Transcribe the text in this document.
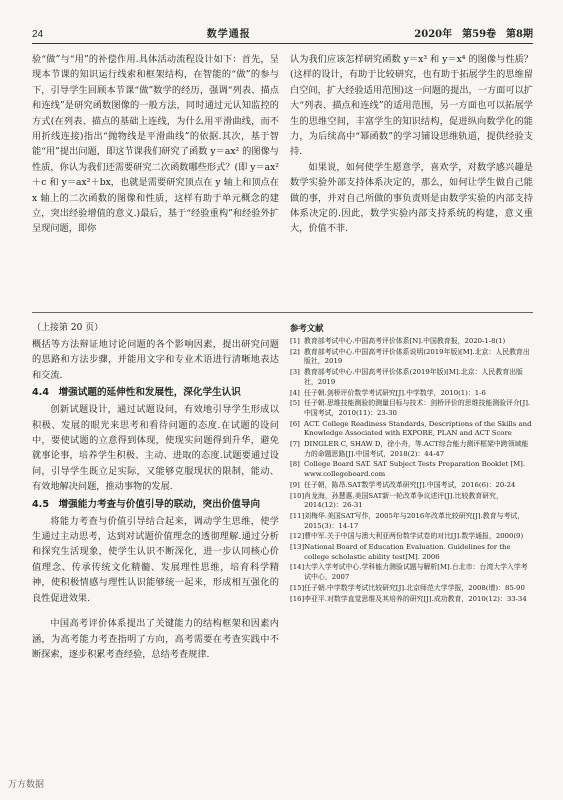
24	数学通报	2020年　第59卷　第8期

验“做”与“用”的补偿作用.具体活动流程设计如下：首先，呈现本节课的知识运行线索和框架结构，在智能的“做”的参与下，引导学生回顾本节课“做”数学的经历，强调“列表、描点和连线”是研究函数图像的一般方法，同时通过元认知监控的方式(在列表、描点的基础上连线，为什么用平滑曲线，而不用折线连接)指出“抛物线是平滑曲线”的依据.其次，基于智能“用”提出问题，即这节课我们研究了函数 y＝ax² 的图像与性质，你认为我们还需要研究二次函数哪些形式？(即 y＝ax²＋c 和 y＝ax²＋bx，也就是需要研究顶点在 y 轴上和顶点在 x 轴上的二次函数的图像和性质，这样有助于单元概念的建立，突出经验增值的意义.)最后，基于“经验重构”和经验外扩呈现问题，即你

认为我们应该怎样研究函数 y＝x³ 和 y＝x⁴ 的图像与性质？(这样的设计，有助于比较研究，也有助于拓展学生的思维留白空间，扩大经验适用范围)这一问题的提出，一方面可以扩大“列表、描点和连线”的适用范围，另一方面也可以拓展学生的思维空间，丰富学生的知识结构，促进纵向数学化的能力，为后续高中“幂函数”的学习铺设思维轨道，提供经验支持.

如果说，如何使学生愿意学，喜欢学，对数学感兴趣是数学实验外部支持体系决定的，那么，如何让学生做自己能做的事，并对自己所做的事负责则是由数学实验的内部支持体系决定的.因此，数学实验内部支持系统的构建，意义重大，价值不菲.

（上接第 20 页）

概括等方法辩证地讨论问题的各个影响因素，提出研究问题的思路和方法步骤，并能用文字和专业术语进行清晰地表达和交流.

4.4　增强试题的延伸性和发展性，深化学生认识

创新试题设计，通过试题设问，有效地引导学生形成以积极、发展的眼光来思考和看待问题的态度.在试题的设问中，要使试题的立意得到体现，使现实问题得到升华，避免就事论事，培养学生积极、主动、进取的态度.试题要通过设问，引导学生既立足实际，又能够克服现状的限制，能动、有效地解决问题，推动事物的发展.

4.5　增强能力考查与价值引导的联动，突出价值导向

将能力考查与价值引导结合起来，调动学生思维，使学生通过主动思考，达到对试题价值理念的透彻理解.通过分析和探究生活现象，使学生认识不断深化，进一步认同核心价值理念、传承传统文化精髓、发展理性思维，培育科学精神，使积极情感与理性认识能够统一起来，形成相互强化的良性促进效果.

中国高考评价体系提出了关键能力的结构框架和因素内涵，为高考能力考查指明了方向，高考需要在考查实践中不断探索，逐步积累考查经验，总结考查规律.

参考文献

[1] 教育部考试中心.中国高考评价体系[N].中国教育报，2020-1-8(1)
[2] 教育部考试中心.中国高考评价体系说明(2019年版)[M].北京：人民教育出版社，2019
[3] 教育部考试中心.中国高考评价体系(2019年版)[M].北京：人民教育出版社，2019
[4] 任子朝.剑桥评价数学考试研究[J].中学数学，2010(1)：1-6
[5] 任子朝.思维技能测验的测量目标与技术：剑桥评价的思维技能测验评介[J].中国考试，2010(11)：23-30
[6] ACT. College Readiness Standards, Descriptions of the Skills and Knowledge Associated with EXPORE, PLAN and ACT Score
[7] DINGLER C, SHAW D，徐小舟，等.ACT综合能力测评框架中跨领域能力的命题思路[J].中国考试，2018(2)：44-47
[8] College Board SAT. SAT Subject Tests Preparation Booklet [M]. www.collegeboard.com
[9] 任子朝，陈昂.SAT数学考试改革研究[J].中国考试，2016(6)：20-24
[10] 肖龙海，孙慧惠.美国SAT新一轮改革争议述评[J].比较教育研究，2014(12)：26-31
[11] 刘梅华.美国SAT写作，2005年与2016年改革比较研究[J].教育与考试，2015(3)：14-17
[12] 曹中军.关于中国与澳大利亚两份数学试卷的对比[J].数学通报，2000(9)
[13] National Board of Education Evaluation. Guidelines for the college scholastic ability test[M]. 2006
[14] 大学入学考试中心.学科能力测验试题与解析[M].台北市：台湾大学入学考试中心，2007
[15] 任子朝.中学数学考试比较研究[J].北京师范大学学报，2008(增)：85-90
[16] 李亚平.对数学直觉思维及其培养的研究[J].成功教育，2010(12)：33-34
万方数据
